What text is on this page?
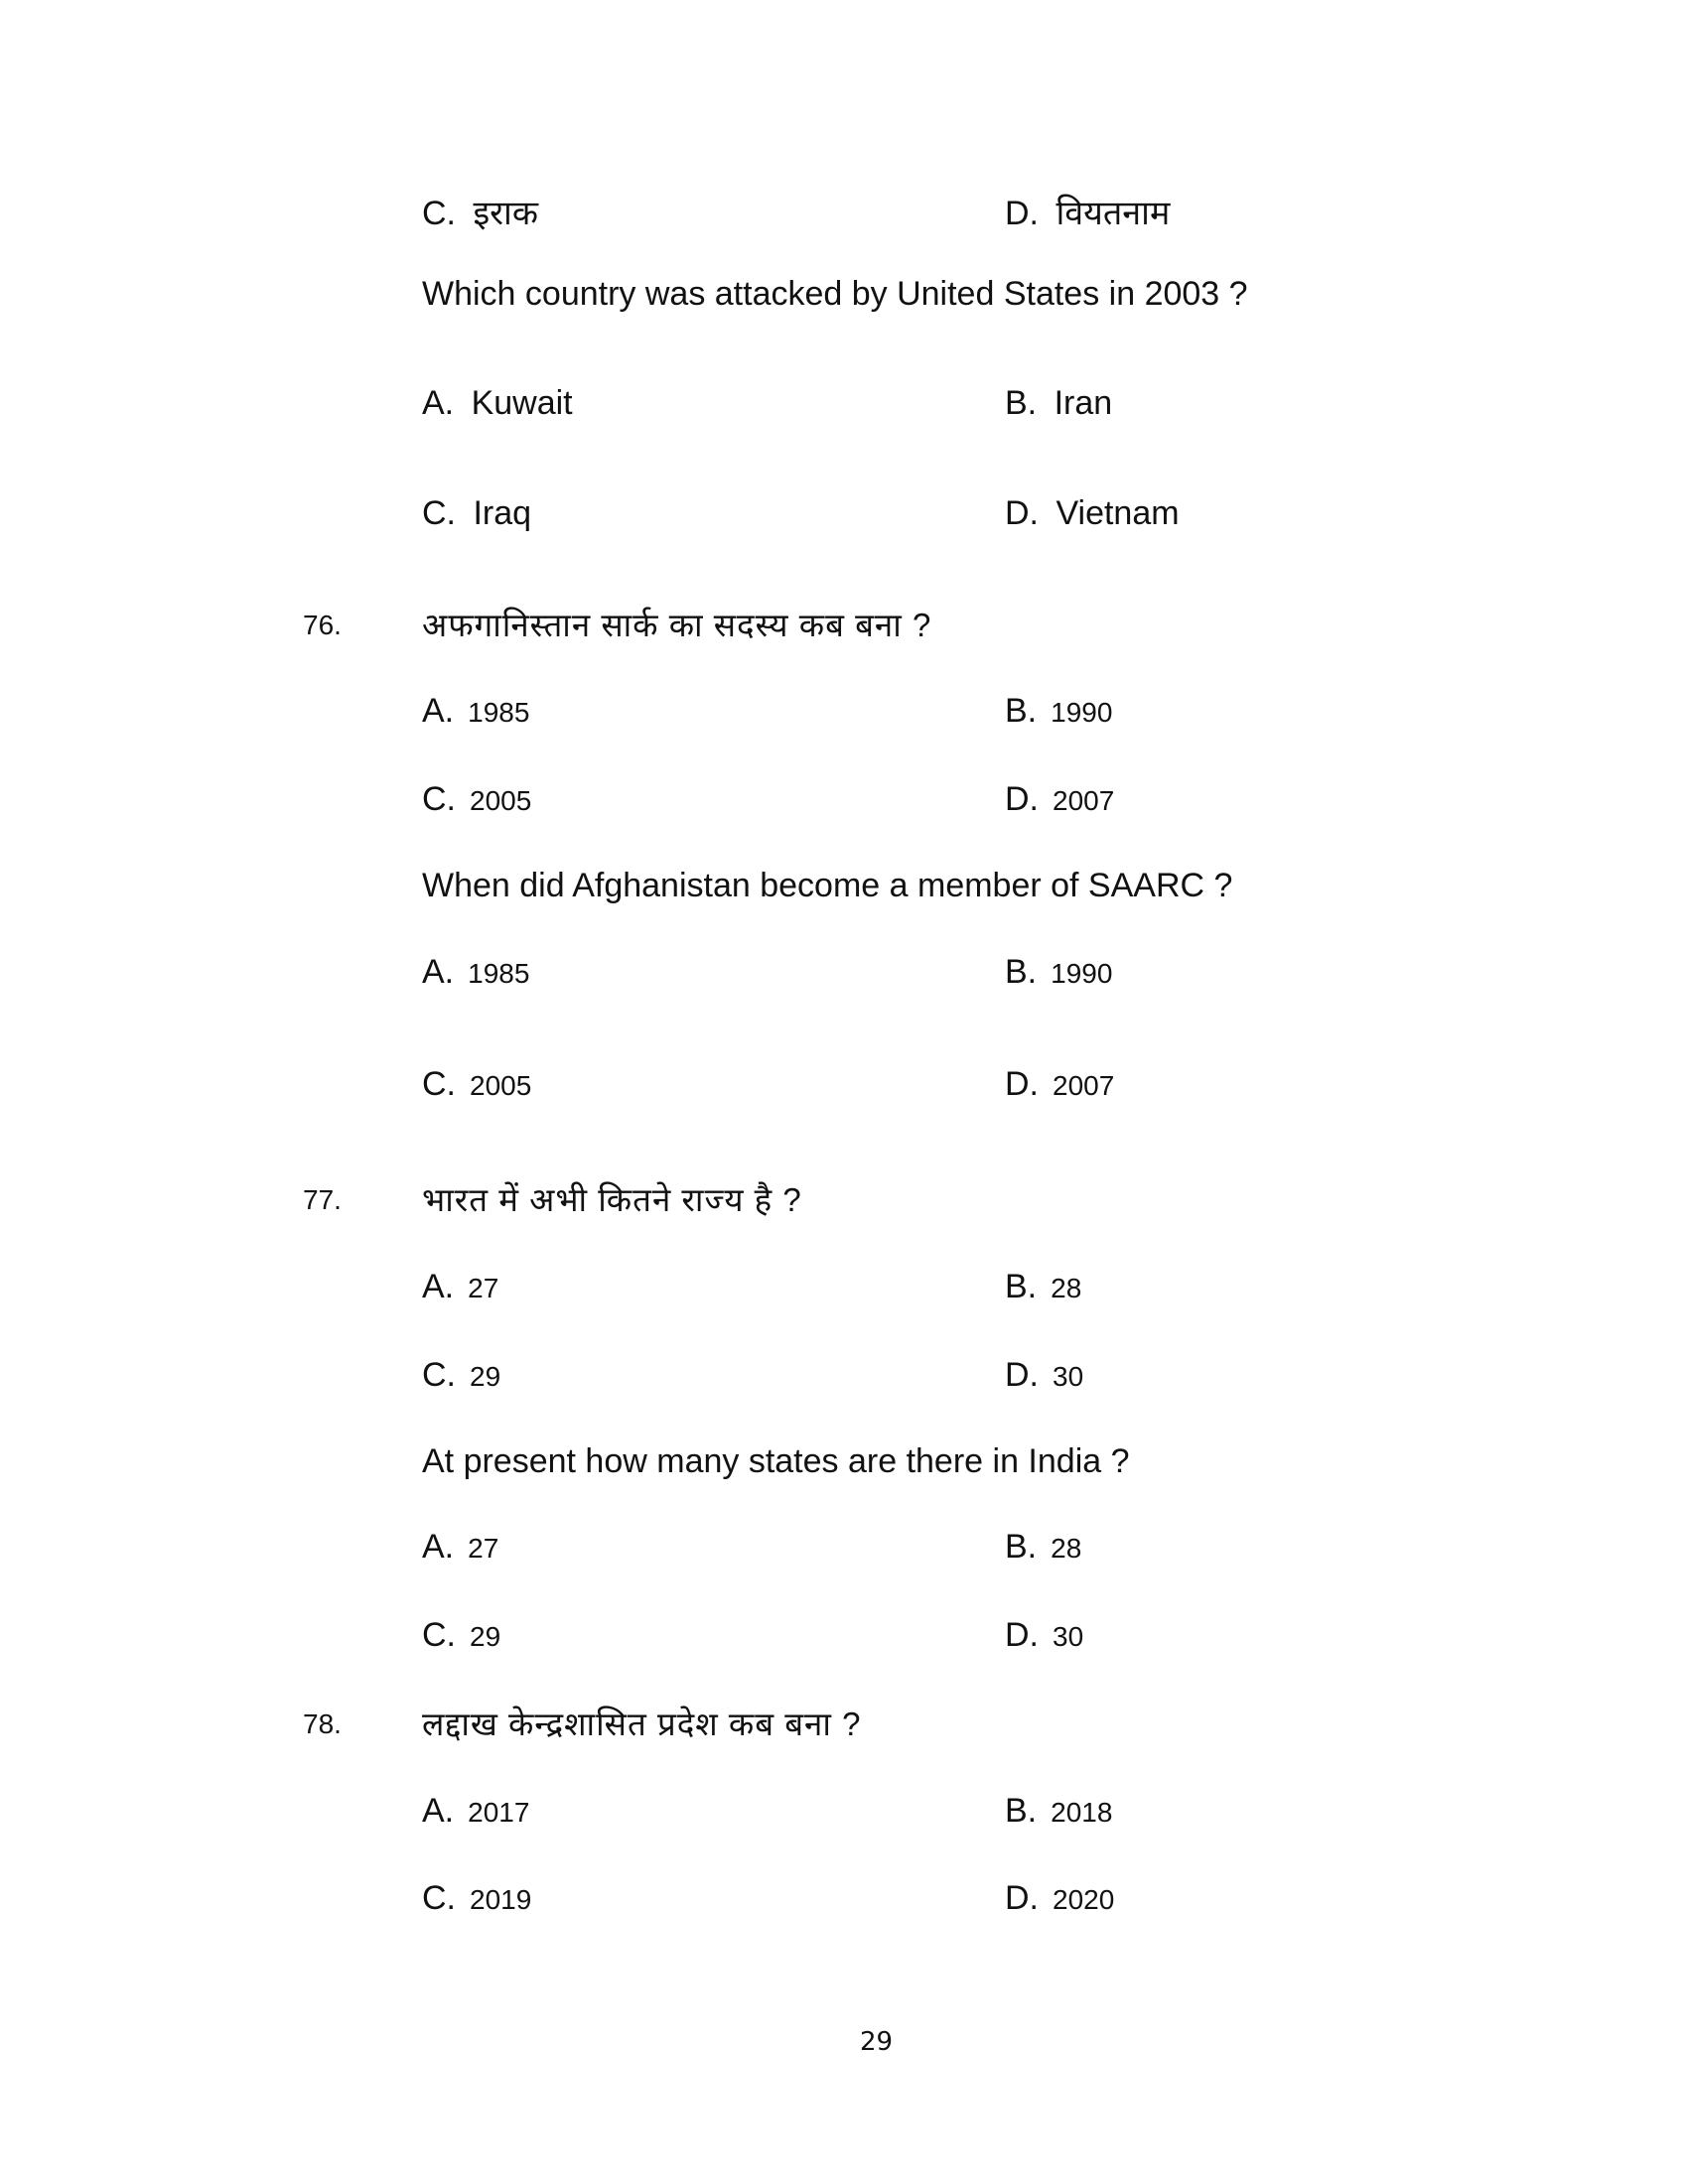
C. इराक	D. वियतनाम
Which country was attacked by United States in 2003 ?
A. Kuwait	B. Iran
C. Iraq	D. Vietnam
76. अफगानिस्तान सार्क का सदस्य कब बना ?
A. 1985	B. 1990
C. 2005	D. 2007
When did Afghanistan become a member of SAARC ?
A. 1985	B. 1990
C. 2005	D. 2007
77. भारत में अभी कितने राज्य है ?
A. 27	B. 28
C. 29	D. 30
At present how many states are there in India ?
A. 27	B. 28
C. 29	D. 30
78. लद्दाख केन्द्रशासित प्रदेश कब बना ?
A. 2017	B. 2018
C. 2019	D. 2020
29
